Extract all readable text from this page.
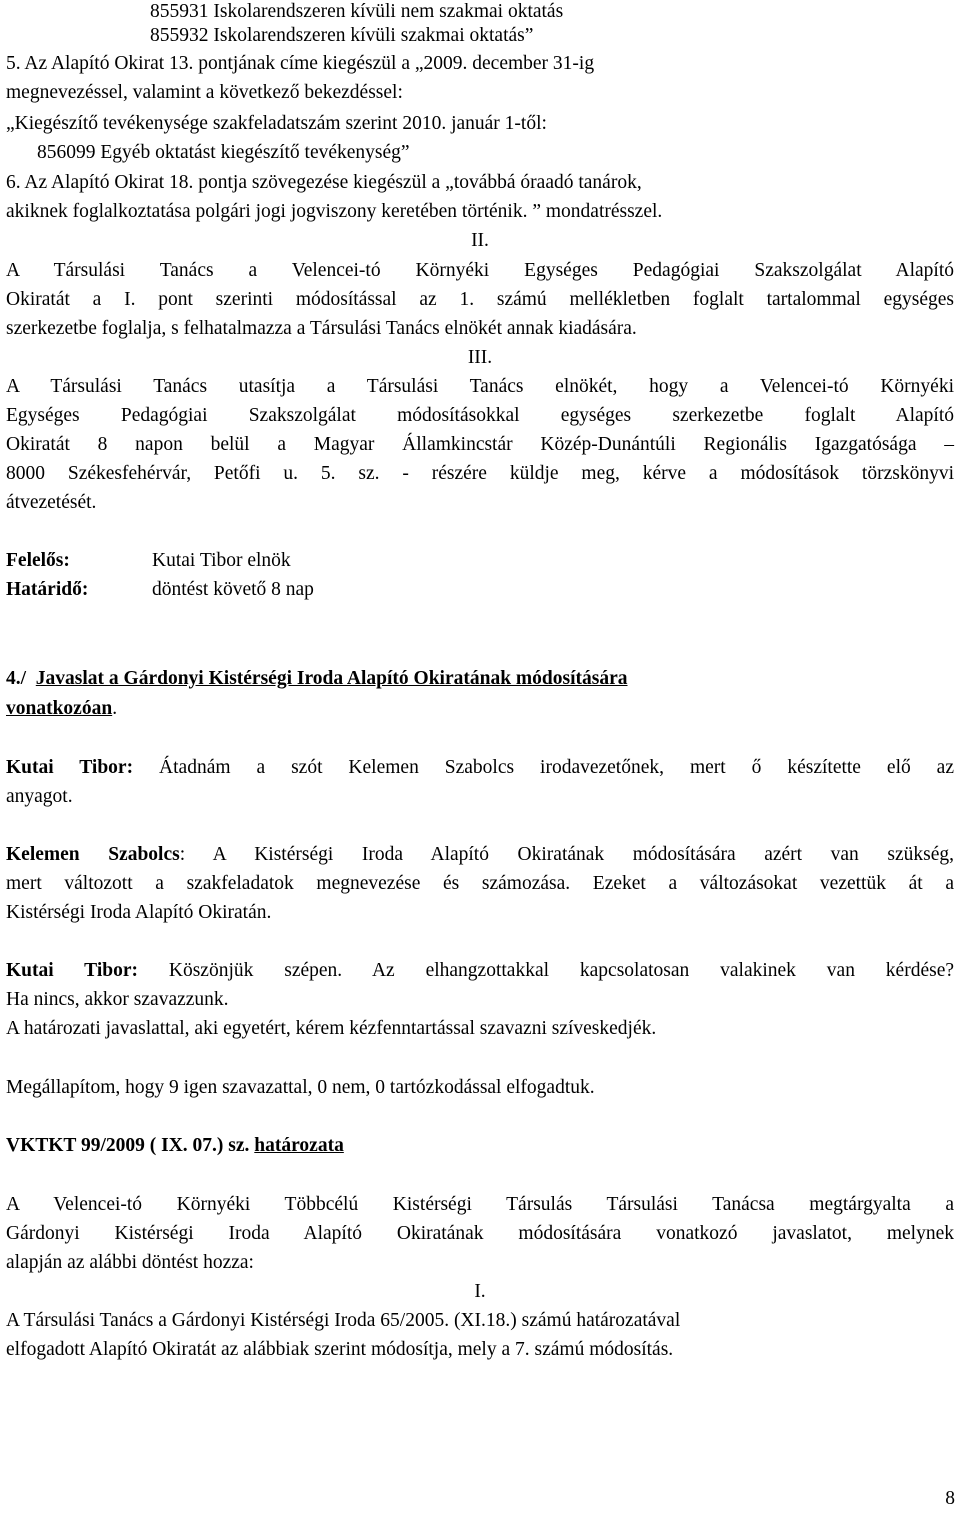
855931 Iskolarendszeren kívüli nem szakmai oktatás
855932 Iskolarendszeren kívüli szakmai oktatás”
5. Az Alapító Okirat 13. pontjának címe kiegészül a „2009. december 31-ig
megnevezéssel, valamint a következő bekezdéssel:
„Kiegészítő tevékenysége szakfeladatszám szerint 2010. január 1-től:
856099 Egyéb oktatást kiegészítő tevékenység”
6. Az Alapító Okirat 18. pontja szövegezése kiegészül a „továbbá óraadó tanárok,
akiknek foglalkoztatása polgári jogi jogviszony keretében történik. ” mondatrésszel.
II.
A Társulási Tanács a Velencei-tó Környéki Egységes Pedagógiai Szakszolgálat Alapító
Okiratát a I. pont szerinti módosítással az 1. számú mellékletben foglalt tartalommal egységes
szerkezetbe foglalja, s felhatalmazza a Társulási Tanács elnökét annak kiadására.
III.
A Társulási Tanács utasítja a Társulási Tanács elnökét, hogy a Velencei-tó Környéki
Egységes Pedagógiai Szakszolgálat módosításokkal egységes szerkezetbe foglalt Alapító
Okiratát 8 napon belül a Magyar Államkincstár Közép-Dunántúli Regionális Igazgatósága –
8000 Székesfehérvár, Petőfi u. 5. sz. - részére küldje meg, kérve a módosítások törzskönyvi
átvezetését.
Felelős:	Kutai Tibor elnök
Határidő:	döntést követő 8 nap
4./ Javaslat a Gárdonyi Kistérségi Iroda Alapító Okiratának módosítására
vonatkozóan.
Kutai Tibor: Átadnám a szót Kelemen Szabolcs irodavezetőnek, mert ő készítette elő az
anyagot.
Kelemen Szabolcs: A Kistérségi Iroda Alapító Okiratának módosítására azért van szükség,
mert változott a szakfeladatok megnevezése és számozása. Ezeket a változásokat vezettük át a
Kistérségi Iroda Alapító Okiratán.
Kutai Tibor: Köszönjük szépen. Az elhangzottakkal kapcsolatosan valakinek van kérdése?
Ha nincs, akkor szavazzunk.
A határozati javaslattal, aki egyetért, kérem kézfenntartással szavazni szíveskedjék.
Megállapítom, hogy 9 igen szavazattal, 0 nem, 0 tartózkodással elfogadtuk.
VKTKT 99/2009 ( IX. 07.) sz. határozata
A Velencei-tó Környéki Többcélú Kistérségi Társulás Társulási Tanácsa megtárgyalta a
Gárdonyi Kistérségi Iroda Alapító Okiratának módosítására vonatkozó javaslatot, melynek
alapján az alábbi döntést hozza:
I.
A Társulási Tanács a Gárdonyi Kistérségi Iroda 65/2005. (XI.18.) számú határozatával
elfogadott Alapító Okiratát az alábbiak szerint módosítja, mely a 7. számú módosítás.
8
